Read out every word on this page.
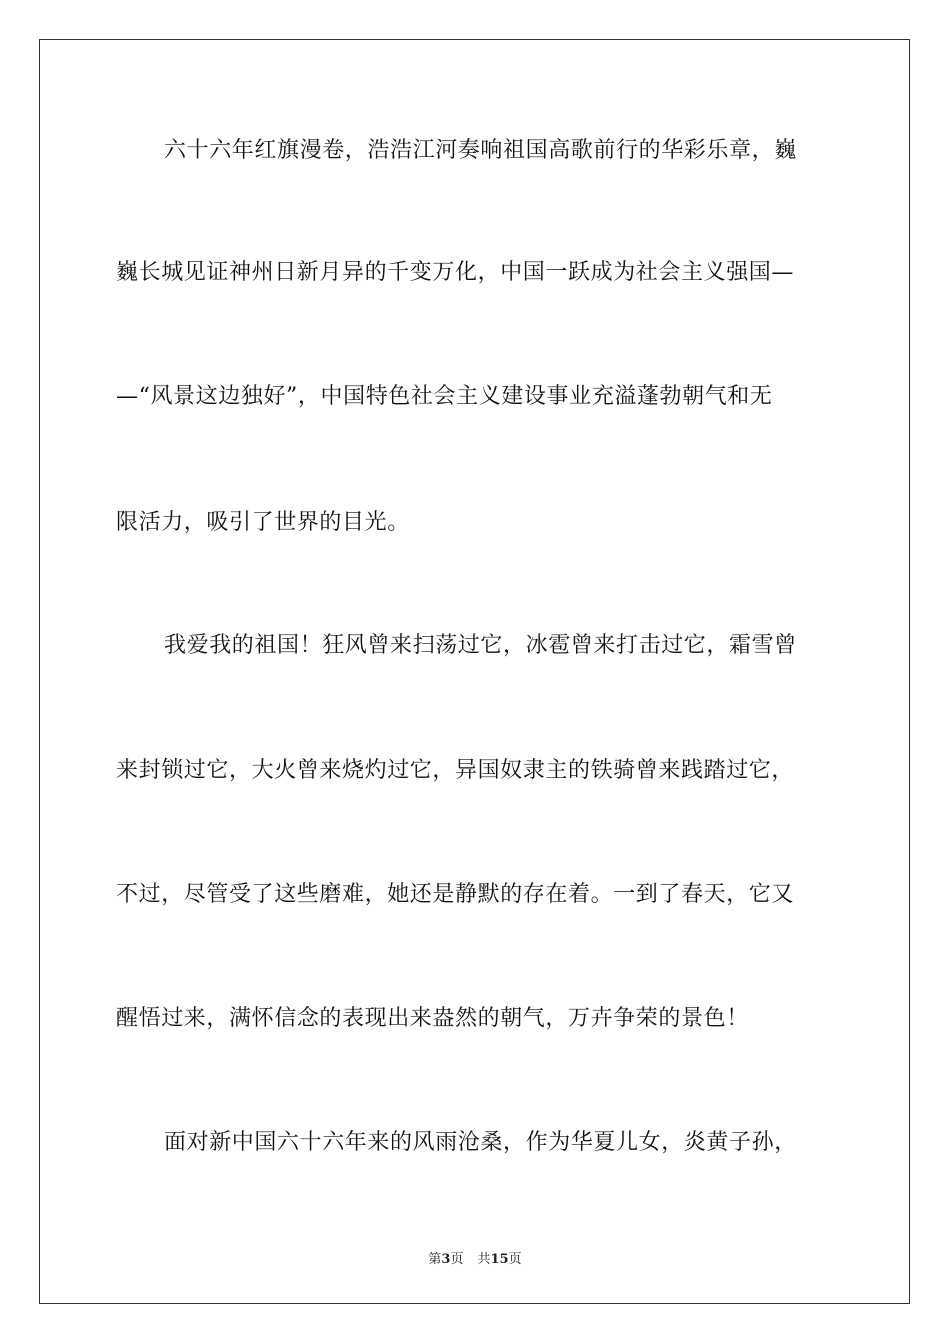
六十六年红旗漫卷，浩浩江河奏响祖国高歌前行的华彩乐章，巍
巍长城见证神州日新月异的千变万化，中国一跃成为社会主义强国—
—“风景这边独好”，中国特色社会主义建设事业充溢蓬勃朝气和无
限活力，吸引了世界的目光。
我爱我的祖国！狂风曾来扫荡过它，冰雹曾来打击过它，霜雪曾
来封锁过它，大火曾来烧灼过它，异国奴隶主的铁骑曾来践踏过它，
不过，尽管受了这些磨难，她还是静默的存在着。一到了春天，它又
醒悟过来，满怀信念的表现出来盎然的朝气，万卉争荣的景色！
面对新中国六十六年来的风雨沧桑，作为华夏儿女，炎黄子孙，
第3页 共15页
